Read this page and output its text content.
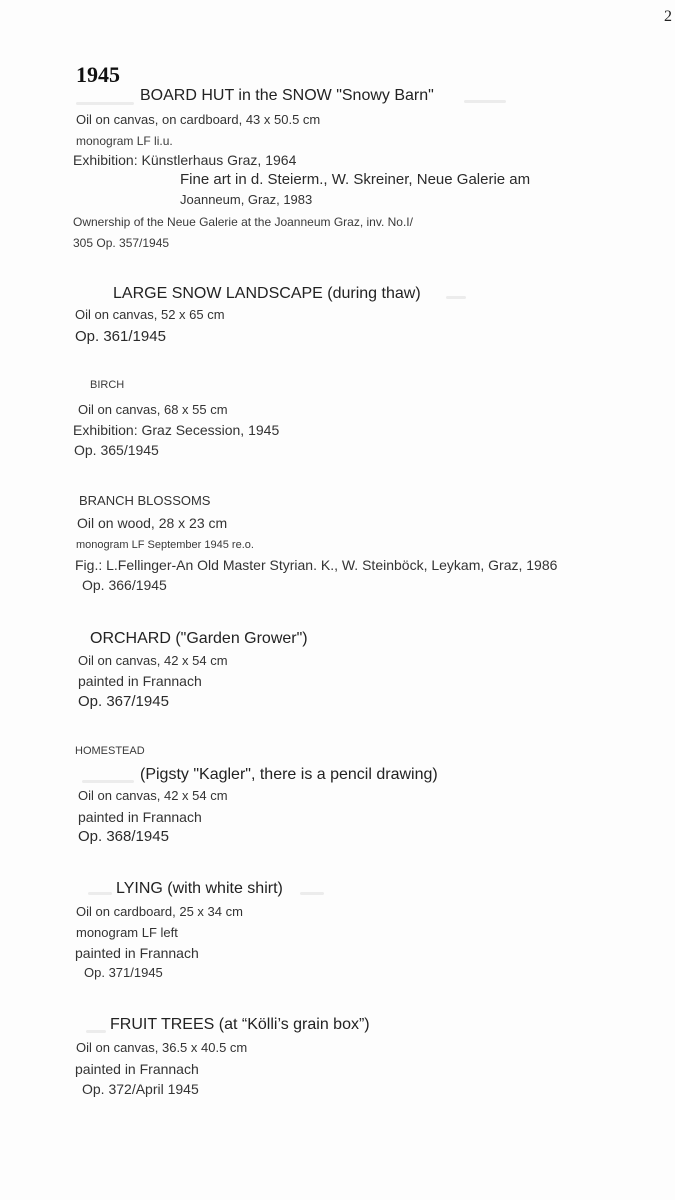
2
1945
BOARD HUT in the SNOW "Snowy Barn"
Oil on canvas, on cardboard, 43 x 50.5 cm
monogram LF li.u.
Exhibition: Künstlerhaus Graz, 1964
Fine art in d. Steierm., W. Skreiner, Neue Galerie am
Joanneum, Graz, 1983
Ownership of the Neue Galerie at the Joanneum Graz, inv. No.I/
305 Op. 357/1945
LARGE SNOW LANDSCAPE (during thaw)
Oil on canvas, 52 x 65 cm
Op. 361/1945
BIRCH
Oil on canvas, 68 x 55 cm
Exhibition: Graz Secession, 1945
Op. 365/1945
BRANCH BLOSSOMS
Oil on wood, 28 x 23 cm
monogram LF September 1945 re.o.
Fig.: L.Fellinger-An Old Master Styrian. K., W. Steinböck, Leykam, Graz, 1986
Op. 366/1945
ORCHARD ("Garden Grower")
Oil on canvas, 42 x 54 cm
painted in Frannach
Op. 367/1945
HOMESTEAD
(Pigsty "Kagler", there is a pencil drawing)
Oil on canvas, 42 x 54 cm
painted in Frannach
Op. 368/1945
LYING (with white shirt)
Oil on cardboard, 25 x 34 cm
monogram LF left
painted in Frannach
Op. 371/1945
FRUIT TREES (at “Kölli’s grain box”)
Oil on canvas, 36.5 x 40.5 cm
painted in Frannach
Op. 372/April 1945
